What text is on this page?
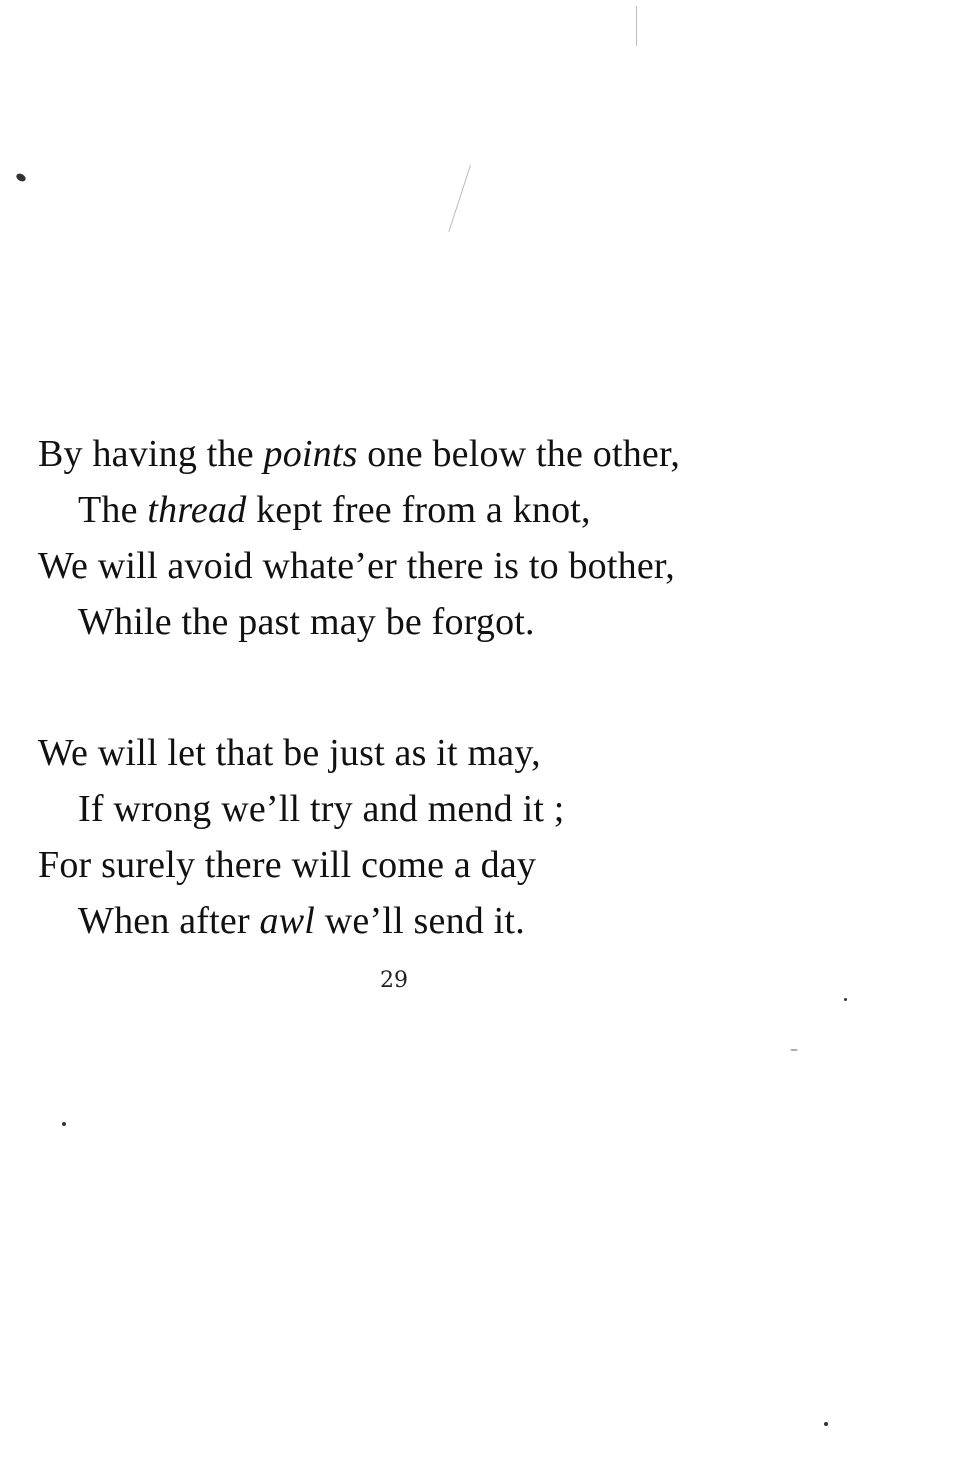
By having the points one below the other,
The thread kept free from a knot,
We will avoid whate’er there is to bother,
While the past may be forgot.
We will let that be just as it may,
If wrong we’ll try and mend it ;
For surely there will come a day
When after awl we’ll send it.
29
